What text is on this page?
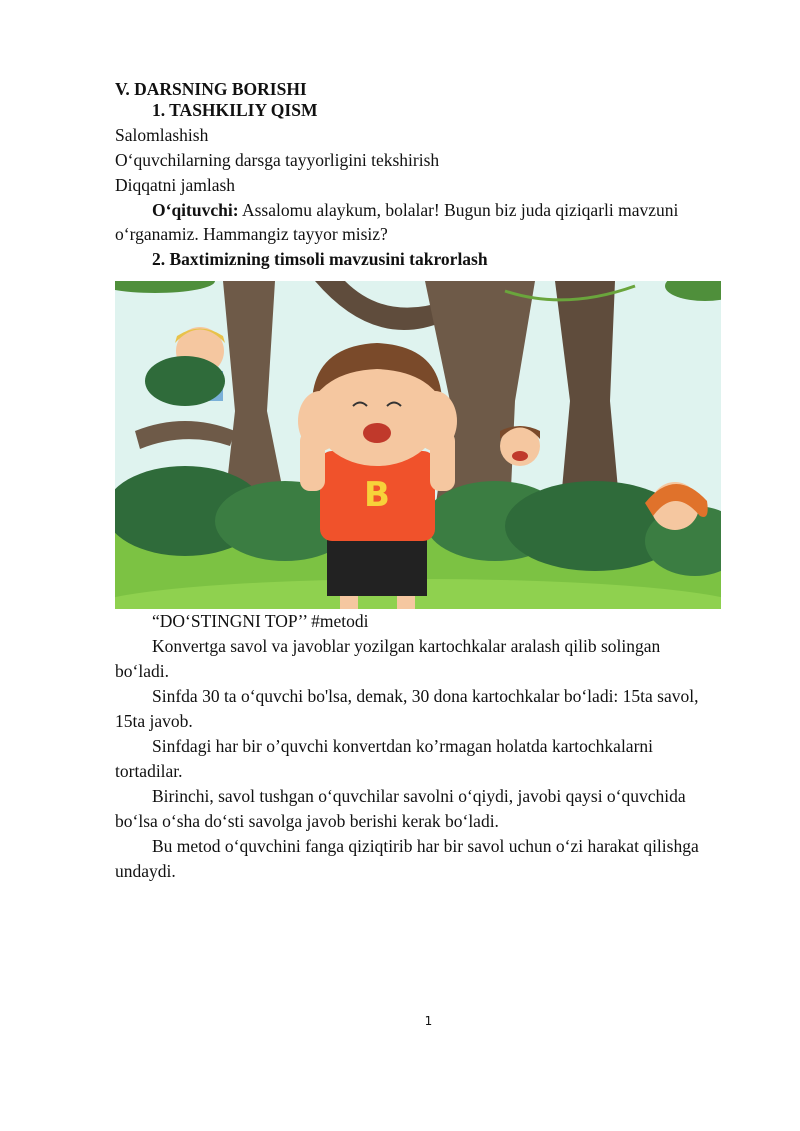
V. DARSNING BORISHI
1. TASHKILIY QISM
Salomlashish
O‘quvchilarning darsga tayyorligini tekshirish
Diqqatni jamlash
O‘qituvchi: Assalomu alaykum, bolalar! Bugun biz juda qiziqarli mavzuni
o‘rganamiz. Hammangiz tayyor misiz?
2. Baxtimizning timsoli mavzusini takrorlash
B
“DO‘STINGNI TOP’’ #metodi
Konvertga savol va javoblar yozilgan kartochkalar aralash qilib solingan
bo‘ladi.
Sinfda 30 ta o‘quvchi bo'lsa, demak, 30 dona kartochkalar bo‘ladi: 15ta savol,
15ta javob.
Sinfdagi har bir o’quvchi konvertdan ko’rmagan holatda kartochkalarni
tortadilar.
Birinchi, savol tushgan o‘quvchilar savolni o‘qiydi, javobi qaysi o‘quvchida
bo‘lsa o‘sha do‘sti savolga javob berishi kerak bo‘ladi.
Bu metod o‘quvchini fanga qiziqtirib har bir savol uchun o‘zi harakat qilishga
undaydi.
1
